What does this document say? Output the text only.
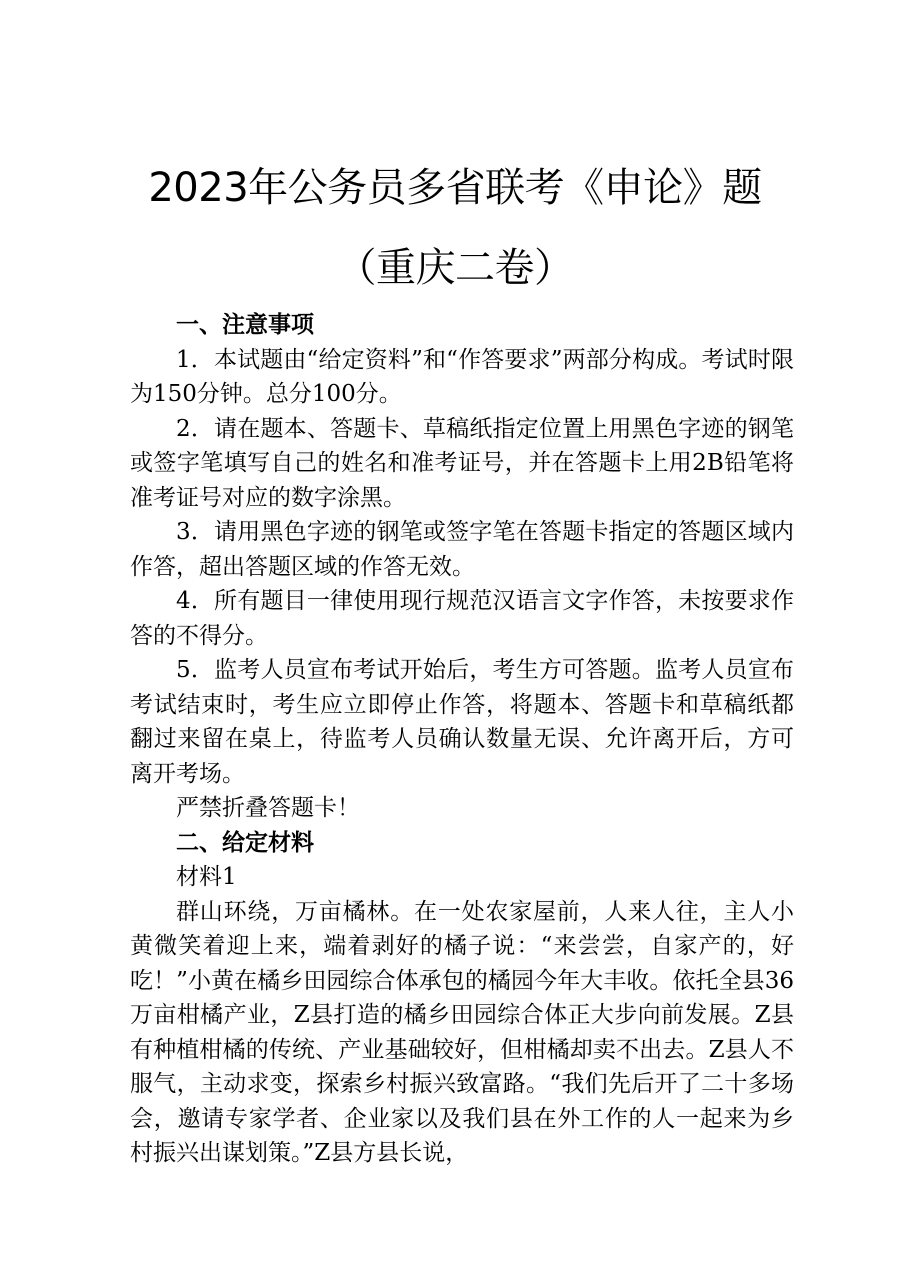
2023年公务员多省联考《申论》题（重庆二卷）

一、注意事项

1．本试题由“给定资料”和“作答要求”两部分构成。考试时限为150分钟。总分100分。

2．请在题本、答题卡、草稿纸指定位置上用黑色字迹的钢笔或签字笔填写自己的姓名和准考证号，并在答题卡上用2B铅笔将准考证号对应的数字涂黑。

3．请用黑色字迹的钢笔或签字笔在答题卡指定的答题区域内作答，超出答题区域的作答无效。

4．所有题目一律使用现行规范汉语言文字作答，未按要求作答的不得分。

5．监考人员宣布考试开始后，考生方可答题。监考人员宣布考试结束时，考生应立即停止作答，将题本、答题卡和草稿纸都翻过来留在桌上，待监考人员确认数量无误、允许离开后，方可离开考场。

严禁折叠答题卡！

二、给定材料

材料1

群山环绕，万亩橘林。在一处农家屋前，人来人往，主人小黄微笑着迎上来，端着剥好的橘子说：“来尝尝，自家产的，好吃！”小黄在橘乡田园综合体承包的橘园今年大丰收。依托全县36万亩柑橘产业，Z县打造的橘乡田园综合体正大步向前发展。Z县有种植柑橘的传统、产业基础较好，但柑橘却卖不出去。Z县人不服气，主动求变，探索乡村振兴致富路。“我们先后开了二十多场会，邀请专家学者、企业家以及我们县在外工作的人一起来为乡村振兴出谋划策。”Z县方县长说，
